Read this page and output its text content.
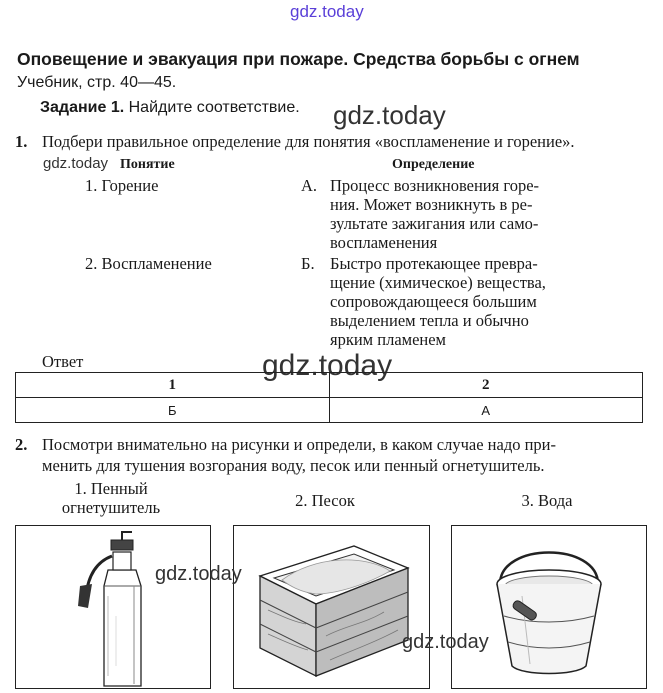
gdz.today
Оповещение и эвакуация при пожаре. Средства борьбы с огнем
Учебник, стр. 40—45.
Задание 1. Найдите соответствие. gdz.today
1. Подбери правильное определение для понятия «воспламенение и горение».
gdz.today Понятие	Определение
1. Горение	А. Процесс возникновения горе-
ния. Может возникнуть в ре-
зультате зажигания или само-
воспламенения
2. Воспламенение	Б. Быстро протекающее превра-
щение (химическое) вещества,
сопровождающееся большим
выделением тепла и обычно
ярким пламенем
Ответ	gdz.today
1	2
Б	А
2. Посмотри внимательно на рисунки и определи, в каком случае надо при-
менить для тушения возгорания воду, песок или пенный огнетушитель.
1. Пенный
огнетушитель	2. Песок	3. Вода
gdz.today
gdz.today
